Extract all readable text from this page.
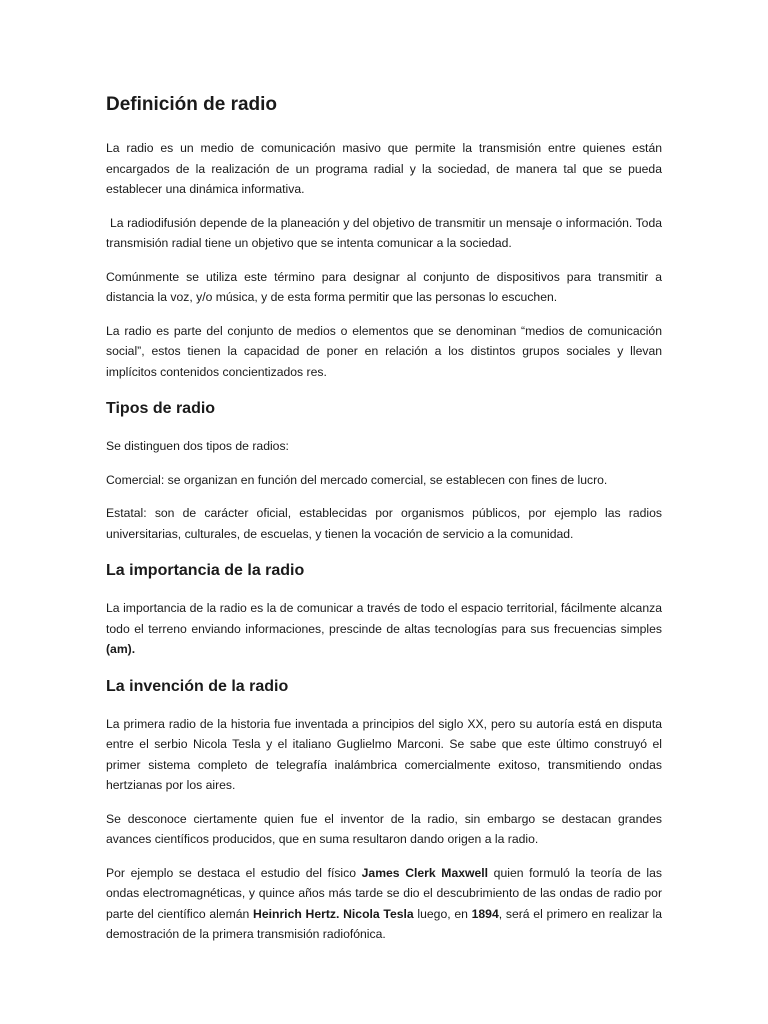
Definición de radio

La radio es un medio de comunicación masivo que permite la transmisión entre quienes están encargados de la realización de un programa radial y la sociedad, de manera tal que se pueda establecer una dinámica informativa.

La radiodifusión depende de la planeación y del objetivo de transmitir un mensaje o información. Toda transmisión radial tiene un objetivo que se intenta comunicar a la sociedad.

Comúnmente se utiliza este término para designar al conjunto de dispositivos para transmitir a distancia la voz, y/o música, y de esta forma permitir que las personas lo escuchen.

La radio es parte del conjunto de medios o elementos que se denominan “medios de comunicación social”, estos tienen la capacidad de poner en relación a los distintos grupos sociales y llevan implícitos contenidos concientizados res.

Tipos de radio

Se distinguen dos tipos de radios:

Comercial: se organizan en función del mercado comercial, se establecen con fines de lucro.

Estatal: son de carácter oficial, establecidas por organismos públicos, por ejemplo las radios universitarias, culturales, de escuelas, y tienen la vocación de servicio a la comunidad.

La importancia de la radio

La importancia de la radio es la de comunicar a través de todo el espacio territorial, fácilmente alcanza todo el terreno enviando informaciones, prescinde de altas tecnologías para sus frecuencias simples (am).

La invención de la radio

La primera radio de la historia fue inventada a principios del siglo XX, pero su autoría está en disputa entre el serbio Nicola Tesla y el italiano Guglielmo Marconi. Se sabe que este último construyó el primer sistema completo de telegrafía inalámbrica comercialmente exitoso, transmitiendo ondas hertzianas por los aires.

Se desconoce ciertamente quien fue el inventor de la radio, sin embargo se destacan grandes avances científicos producidos, que en suma resultaron dando origen a la radio.

Por ejemplo se destaca el estudio del físico James Clerk Maxwell quien formuló la teoría de las ondas electromagnéticas, y quince años más tarde se dio el descubrimiento de las ondas de radio por parte del científico alemán Heinrich Hertz. Nicola Tesla luego, en 1894, será el primero en realizar la demostración de la primera transmisión radiofónica.
